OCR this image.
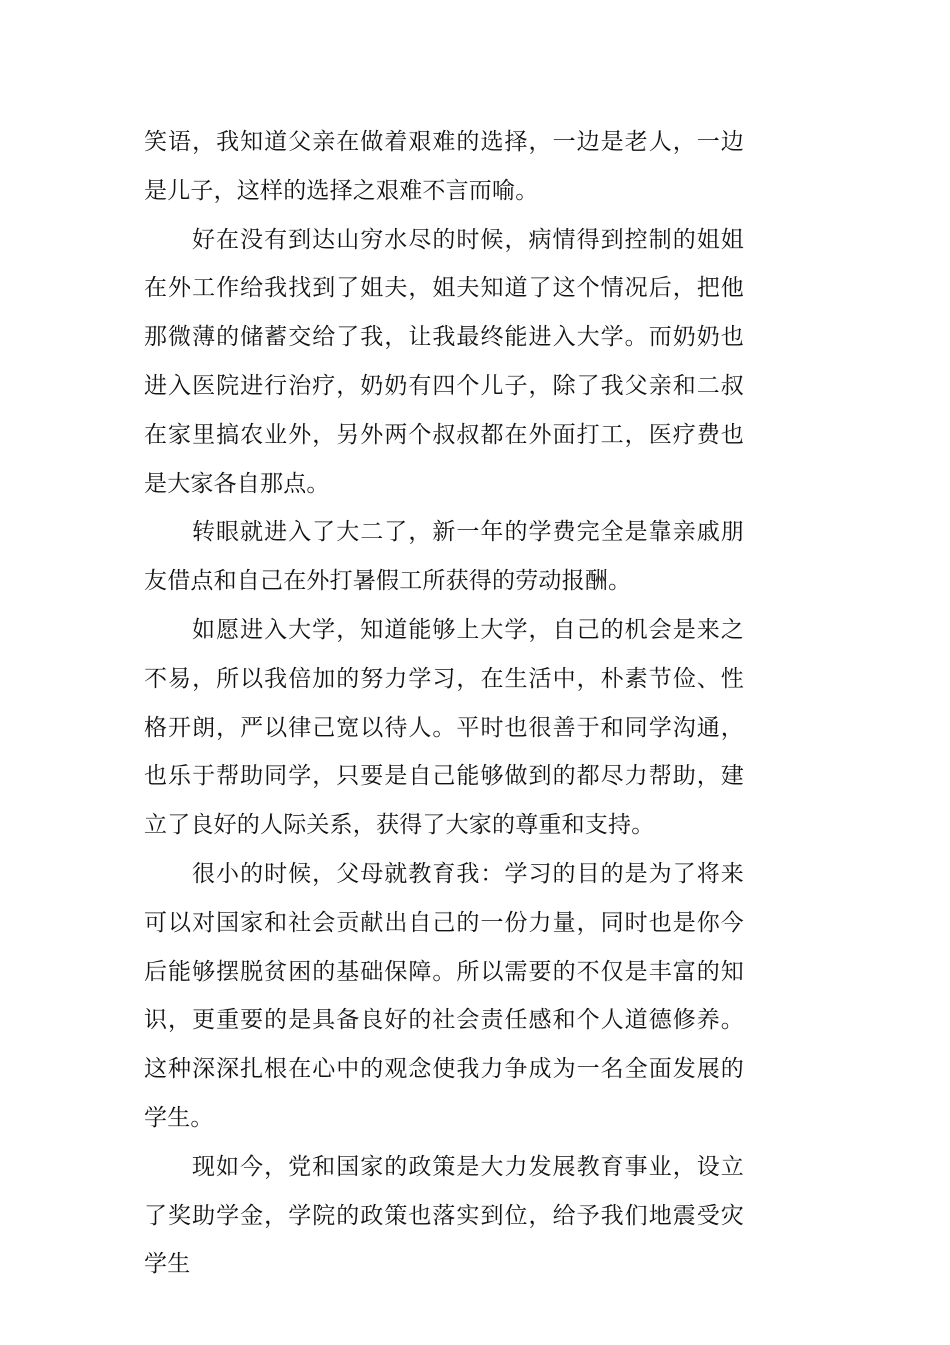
笑语，我知道父亲在做着艰难的选择，一边是老人，一边是儿子，这样的选择之艰难不言而喻。

好在没有到达山穷水尽的时候，病情得到控制的姐姐在外工作给我找到了姐夫，姐夫知道了这个情况后，把他那微薄的储蓄交给了我，让我最终能进入大学。而奶奶也进入医院进行治疗，奶奶有四个儿子，除了我父亲和二叔在家里搞农业外，另外两个叔叔都在外面打工，医疗费也是大家各自那点。

转眼就进入了大二了，新一年的学费完全是靠亲戚朋友借点和自己在外打暑假工所获得的劳动报酬。

如愿进入大学，知道能够上大学，自己的机会是来之不易，所以我倍加的努力学习，在生活中，朴素节俭、性格开朗，严以律己宽以待人。平时也很善于和同学沟通，也乐于帮助同学，只要是自己能够做到的都尽力帮助，建立了良好的人际关系，获得了大家的尊重和支持。

很小的时候，父母就教育我：学习的目的是为了将来可以对国家和社会贡献出自己的一份力量，同时也是你今后能够摆脱贫困的基础保障。所以需要的不仅是丰富的知识，更重要的是具备良好的社会责任感和个人道德修养。这种深深扎根在心中的观念使我力争成为一名全面发展的学生。

现如今，党和国家的政策是大力发展教育事业，设立了奖助学金，学院的政策也落实到位，给予我们地震受灾学生
